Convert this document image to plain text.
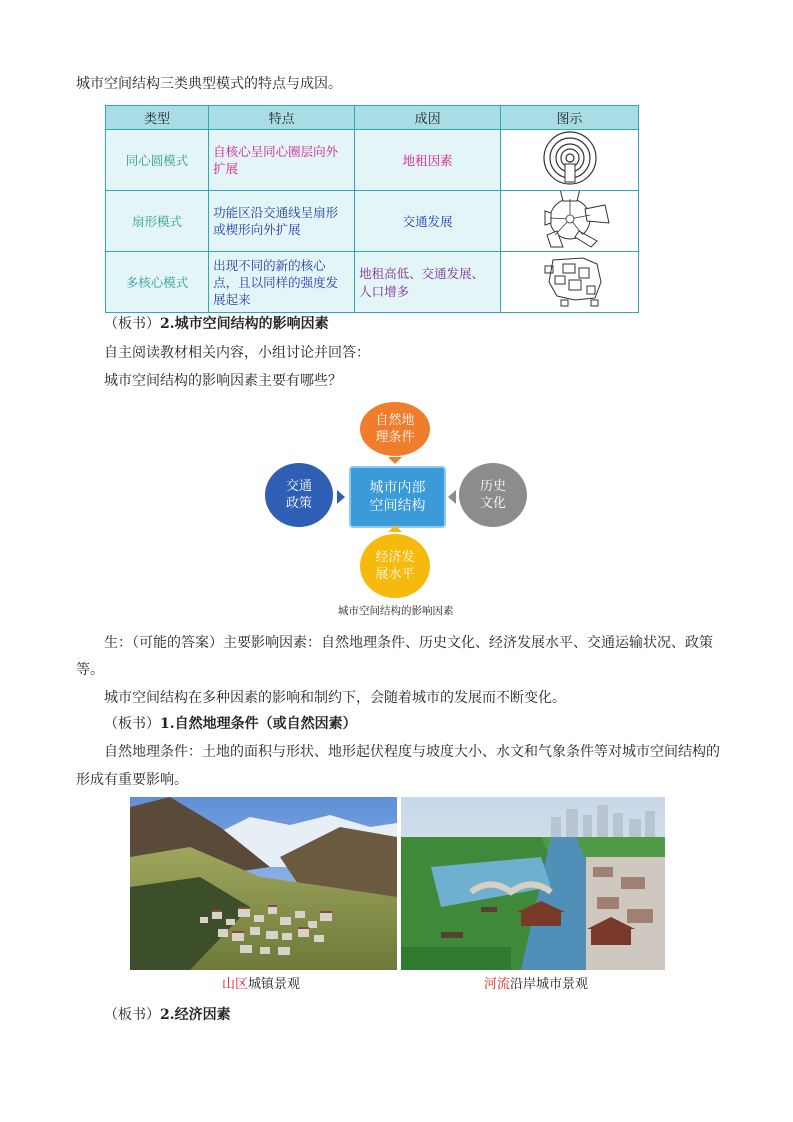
城市空间结构三类典型模式的特点与成因。
类型	特点	成因	图示
同心圆模式	自核心呈同心圈层向外扩展	地租因素	
扇形模式	功能区沿交通线呈扇形或楔形向外扩展	交通发展	
多核心模式	出现不同的新的核心点，且以同样的强度发展起来	地租高低、交通发展、人口增多	
（板书）2.城市空间结构的影响因素
自主阅读教材相关内容，小组讨论并回答：
城市空间结构的影响因素主要有哪些？
自然地
理条件
交通
政策
城市内部
空间结构
历史
文化
经济发
展水平
城市空间结构的影响因素
生：（可能的答案）主要影响因素：自然地理条件、历史文化、经济发展水平、交通运输状况、政策
等。
城市空间结构在多种因素的影响和制约下，会随着城市的发展而不断变化。
（板书）1.自然地理条件（或自然因素）
自然地理条件：土地的面积与形状、地形起伏程度与坡度大小、水文和气象条件等对城市空间结构的
形成有重要影响。
山区城镇景观	河流沿岸城市景观
（板书）2.经济因素
